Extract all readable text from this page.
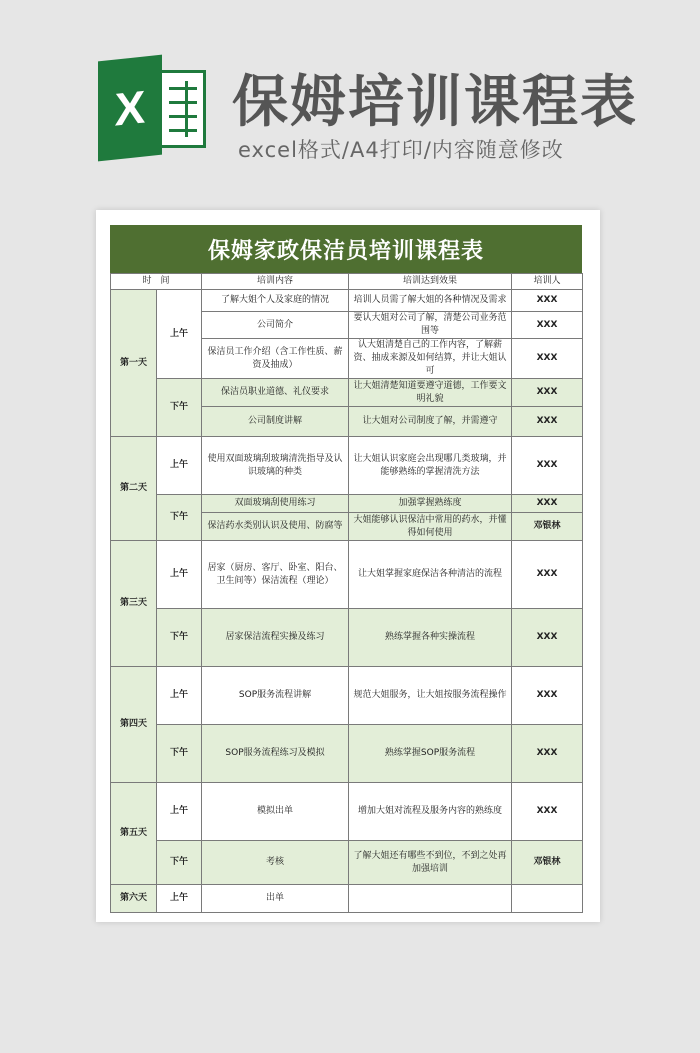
X 保姆培训课程表
excel格式/A4打印/内容随意修改
保姆家政保洁员培训课程表
时　间		培训内容	培训达到效果	培训人
第一天	上午	了解大姐个人及家庭的情况	培训人员需了解大姐的各种情况及需求	XXX
		公司简介	要认大姐对公司了解，清楚公司业务范围等	XXX
		保洁员工作介绍（含工作性质、薪资及抽成）	认大姐清楚自己的工作内容，了解薪资、抽成来源及如何结算，并让大姐认可	XXX
	下午	保洁员职业道德、礼仪要求	让大姐清楚知道要遵守道德，工作要文明礼貌	XXX
		公司制度讲解	让大姐对公司制度了解，并需遵守	XXX
第二天	上午	使用双面玻璃刮玻璃清洗指导及认识玻璃的种类	让大姐认识家庭会出现哪几类玻璃，并能够熟练的掌握清洗方法	XXX
	下午	双面玻璃刮使用练习	加强掌握熟练度	XXX
		保洁药水类别认识及使用、防腐等	大姐能够认识保洁中常用的药水，并懂得如何使用	邓银林
第三天	上午	居家（厨房、客厅、卧室、阳台、卫生间等）保洁流程（理论）	让大姐掌握家庭保洁各种清洁的流程	XXX
	下午	居家保洁流程实操及练习	熟练掌握各种实操流程	XXX
第四天	上午	SOP服务流程讲解	规范大姐服务，让大姐按服务流程操作	XXX
	下午	SOP服务流程练习及模拟	熟练掌握SOP服务流程	XXX
第五天	上午	模拟出单	增加大姐对流程及服务内容的熟练度	XXX
	下午	考核	了解大姐还有哪些不到位，不到之处再加强培训	邓银林
第六天	上午	出单		
